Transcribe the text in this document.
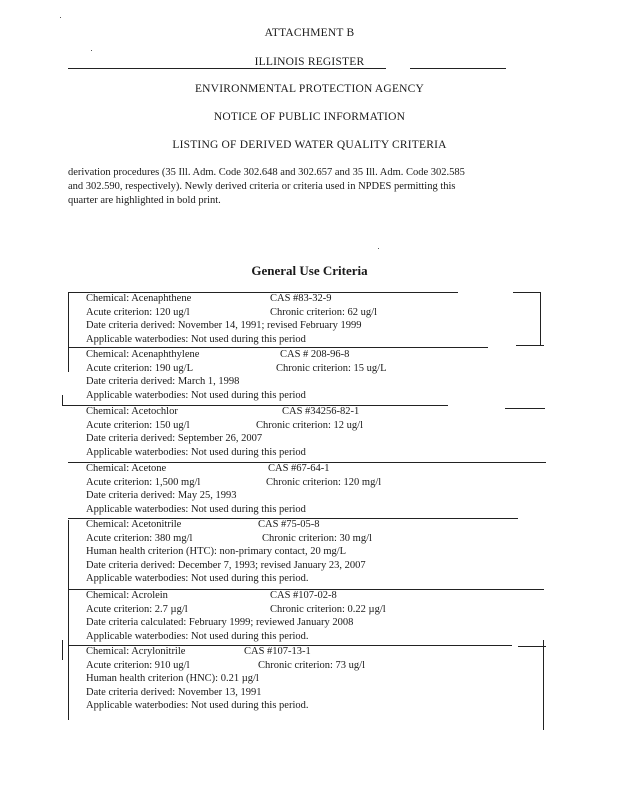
ATTACHMENT B
ILLINOIS REGISTER
ENVIRONMENTAL PROTECTION AGENCY
NOTICE OF PUBLIC INFORMATION
LISTING OF DERIVED WATER QUALITY CRITERIA
derivation procedures (35 Ill. Adm. Code 302.648 and 302.657 and 35 Ill. Adm. Code 302.585
and 302.590, respectively). Newly derived criteria or criteria used in NPDES permitting this
quarter are highlighted in bold print.
General Use Criteria
Chemical: Acenaphthene	CAS #83-32-9
Acute criterion: 120 ug/l	Chronic criterion: 62 ug/l
Date criteria derived: November 14, 1991; revised February 1999
Applicable waterbodies: Not used during this period
Chemical: Acenaphthylene	CAS # 208-96-8
Acute criterion: 190 ug/L	Chronic criterion: 15 ug/L
Date criteria derived: March 1, 1998
Applicable waterbodies: Not used during this period
Chemical: Acetochlor	CAS #34256-82-1
Acute criterion: 150 ug/l	Chronic criterion: 12 ug/l
Date criteria derived: September 26, 2007
Applicable waterbodies: Not used during this period
Chemical: Acetone	CAS #67-64-1
Acute criterion: 1,500 mg/l	Chronic criterion: 120 mg/l
Date criteria derived: May 25, 1993
Applicable waterbodies: Not used during this period
Chemical: Acetonitrile	CAS #75-05-8
Acute criterion: 380 mg/l	Chronic criterion: 30 mg/l
Human health criterion (HTC): non-primary contact, 20 mg/L
Date criteria derived: December 7, 1993; revised January 23, 2007
Applicable waterbodies: Not used during this period.
Chemical: Acrolein	CAS #107-02-8
Acute criterion: 2.7 µg/l	Chronic criterion: 0.22 µg/l
Date criteria calculated: February 1999; reviewed January 2008
Applicable waterbodies: Not used during this period.
Chemical: Acrylonitrile	CAS #107-13-1
Acute criterion: 910 ug/l	Chronic criterion: 73 ug/l
Human health criterion (HNC): 0.21 µg/l
Date criteria derived: November 13, 1991
Applicable waterbodies: Not used during this period.
